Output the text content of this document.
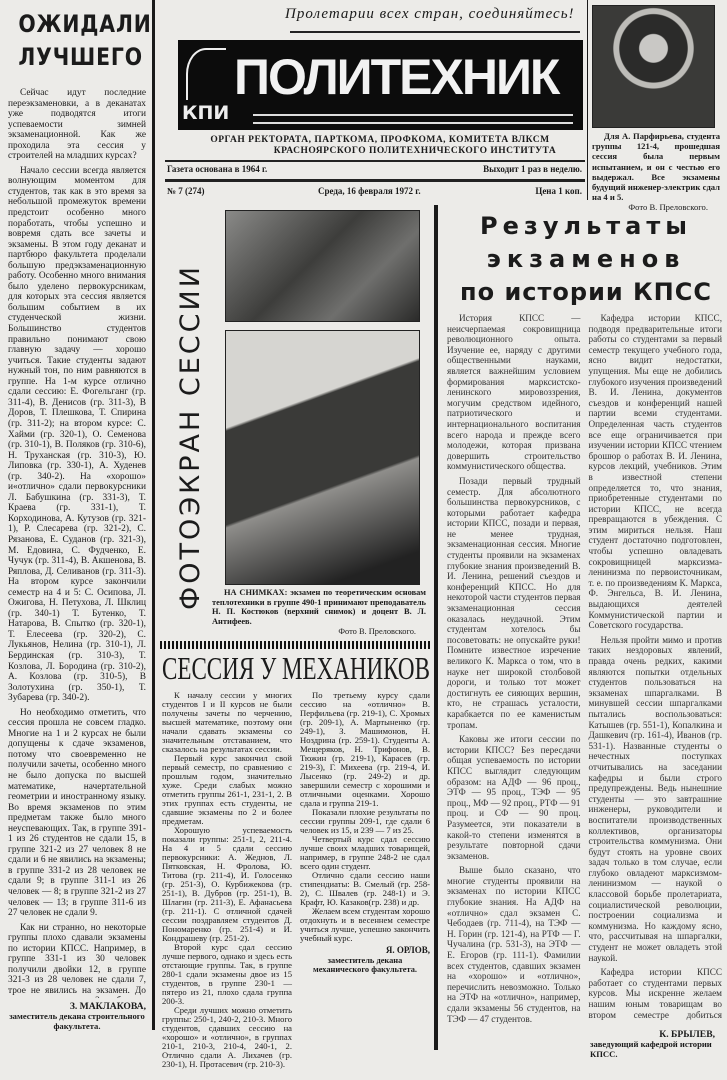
ОЖИДАЛИ
ЛУЧШЕГО

Сейчас идут последние переэкзаменовки, а в деканатах уже подводятся итоги успеваемости зимней экзаменационной. Как же проходила эта сессия у строителей на младших курсах?

Начало сессии всегда является волнующим моментом для студентов, так как в это время за небольшой промежуток времени предстоит особенно много поработать, чтобы успешно и вовремя сдать все зачеты и экзамены. В этом году деканат и партбюро факультета проделали большую предэкзаменационную работу. Особенно много внимания было уделено первокурсникам, для которых эта сессия является большим событием в их студенческой жизни. Большинство студентов правильно понимают свою главную задачу — хорошо учиться. Такие студенты задают нужный тон, по ним равняются в группе. На 1-м курсе отлично сдали сессию: Е. Фогельганг (гр. 311-4), В. Денисов (гр. 311-3), В Доров, Т. Плешкова, Т. Спирина (гр. 311-2); на втором курсе: С. Хайми (гр. 320-1), О. Семенова (гр. 310-1), В. Поляков (гр. 310-6), Н. Труханская (гр. 310-3), Ю. Липовка (гр. 330-1), А. Худенев (гр. 340-2). На «хорошо» и«отлично» сдали первокурсники Л. Бабушкина (гр. 331-3), Т. Краева (гр. 331-1), Т. Корходинова, А. Кутузов (гр. 321-1), Р. Слесарева (гр. 321-2), С. Рязанова, Е. Суданов (гр. 321-3), М. Едовина, С. Фудченко, Е. Чучук (гр. 311-4), В. Акшенова, В. Ряплова, Д. Селиванов (гр. 311-3). На втором курсе закончили семестр на 4 и 5: С. Осипова, Л. Ожигова, Н. Петухова, Л. Шклиц (гр. 340-1) Т. Бутенко, Т. Натарова, В. Спытко (гр. 320-1), Т. Елесеева (гр. 320-2), С. Лукьянов, Нелина (гр. 310-1), Л. Бердинская (гр. 310-3), Т. Козлова, Л. Бородина (гр. 310-2), А. Козлова (гр. 310-5), В Золотухина (гр. 350-1), Т. Зубарева (гр. 340-2).

Но необходимо отметить, что сессия прошла не совсем гладко. Многие на 1 и 2 курсах не были допущены к сдаче экзаменов, потому что своевременно не получили зачеты, особенно много не было допуска по высшей математике, начертательной геометрии и иностранному языку. Во время экзаменов по этим предметам также было много неуспевающих. Так, в группе 391-1 из 26 студентов не сдали 15, в группе 321-2 из 27 человек 8 не сдали и 6 не явились на экзамены; в группе 331-2 из 28 человек не сдали 9; в группе 311-1 из 26 человек — 8; в группе 321-2 из 27 человек — 13; в группе 311-6 из 27 человек не сдали 9.

Как ни странно, но некоторые группы плохо сдавали экзамены по истории КПСС. Например, в группе 331-1 из 30 человек получили двойки 12, в группе 321-3 из 28 человек не сдали 7, трое не явились на экзамен. До

З. МАКЛАКОВА,
заместитель декана строительного факультета.
Пролетарии всех стран, соединяйтесь!
КПИ
ПОЛИТЕХНИК
ОРГАН РЕКТОРАТА, ПАРТКОМА, ПРОФКОМА, КОМИТЕТА ВЛКСМ
КРАСНОЯРСКОГО ПОЛИТЕХНИЧЕСКОГО ИНСТИТУТА
Газета основана в 1964 г.	Выходит 1 раз в неделю.
№ 7 (274)	Среда, 16 февраля 1972 г.	Цена 1 коп.
Для А. Парфирьева, студента группы 121-4, прошедшая сессия была первым испытанием, и он с честью его выдержал. Все экзамены будущий инженер-электрик сдал на 4 и 5.
Фото В. Преловского.
ФОТОЭКРАН СЕССИИ	НА СНИМКАХ: экзамен по теоретическим основам теплотехники в группе 490-1 принимают преподаватель Н. П. Костюков (верхний снимок) и доцент В. Л. Антифеев.
Фото В. Преловского.
СЕССИЯ У МЕХАНИКОВ

К началу сессии у многих студентов I и II курсов не были получены зачеты по черчению, высшей математике, поэтому они начали сдавать экзамены со значительным отставанием, что сказалось на результатах сессии.

Первый курс закончил свой первый семестр, по сравнению с прошлым годом, значительно хуже. Среди слабых можно отметить группы 261-1, 231-1, 2. В этих группах есть студенты, не сдавшие экзамены по 2 и более предметам.

Хорошую успеваемость показали группы: 251-1, 2, 211-4. На 4 и 5 сдали сессию первокурсники: А. Жеднов, Л. Пятковская, Н. Фролова, Ю. Титова (гр. 211-4), И. Голосенко (гр. 251-3), О. Курбижекова (гр. 251-1), В. Дубров (гр. 251-1), В. Шлагин (гр. 211-3), Е. Афанасьева (гр. 211-1). С отличной сдачей сессии поздравляем студентов Д. Пономаренко (гр. 251-4) и И. Кондрашеву (гр. 251-2).

Второй курс сдал сессию лучше первого, однако и здесь есть отстающие группы. Так, в группе 280-1 сдали экзамены двое из 15 студентов, в группе 230-1 — пятеро из 21, плохо сдала группа 200-3.

Среди лучших можно отметить группы: 250-1, 240-2, 210-3. Много студентов, сдавших сессию на «хорошо» и «отлично», в группах 210-1, 210-3, 210-4, 240-1, 2. Отлично сдали А. Лихачев (гр. 230-1), Н. Протасевич (гр. 210-3).

По третьему курсу сдали сессию на «отлично» В. Перфильева (гр. 219-1), С. Хромых (гр. 209-1), А. Мартыненко (гр. 249-1), З. Машимонов, Н. Ноздрина (гр. 259-1). Студенты А. Мещеряков, Н. Трифонов, В. Тюжин (гр. 219-1), Карасев (гр. 219-3), Г. Михеева (гр. 219-4, И. Лысенко (гр. 249-2) и др. завершили семестр с хорошими и отличными оценками. Хорошо сдала и группа 219-1.

Показали плохие результаты по сессии группы 209-1, где сдали 6 человек из 15, и 239 — 7 из 25.

Четвертый курс сдал сессию лучше своих младших товарищей, например, в группе 248-2 не сдал всего один студент.

Отлично сдали сессию наши стипендиаты: В. Смелый (гр. 258-2), С. Швалев (гр. 248-1) и Э. Крафт, Ю. Казаков(гр. 238) и др.

Желаем всем студентам хорошо отдохнуть и в весеннем семестре учиться лучше, успешно закончить учебный курс.

Я. ОРЛОВ,
заместитель декана механического факультета.
Результаты
экзаменов
по истории КПСС

История КПСС — неисчерпаемая сокровищница революционного опыта. Изучение ее, наряду с другими общественными науками, является важнейшим условием формирования марксистско-ленинского мировоззрения, могучим средством идейного, патриотического и интернационального воспитания всего народа и прежде всего молодежи, которая призвана довершить строительство коммунистического общества.

Позади первый трудный семестр. Для абсолютного большинства первокурсников, с которыми работает кафедра истории КПСС, позади и первая, не менее трудная, экзаменационная сессия. Многие студенты проявили на экзаменах глубокие знания произведений В. И. Ленина, решений съездов и конференций КПСС. Но для некоторой части студентов первая экзаменационная сессия оказалась неудачной. Этим студентам хотелось бы посоветовать: не опускайте руки! Помните известное изречение великого К. Маркса о том, что в науке нет широкой столбовой дороги, и только тот может достигнуть ее сияющих вершин, кто, не страшась усталости, карабкается по ее каменистым тропам.

Каковы же итоги сессии по истории КПСС? Без пересдачи общая успеваемость по истории КПСС выглядит следующим образом: на АДФ — 96 проц., ЭТФ — 95 проц., ТЭФ — 95 проц., МФ — 92 проц., РТФ — 91 проц. и СФ — 90 проц. Разумеется, эти показатели в какой-то степени изменятся в результате повторной сдачи экзаменов.

Выше было сказано, что многие студенты проявили на экзаменах по истории КПСС глубокие знания. На АДФ на «отлично» сдал экзамен С. Чебодаев (гр. 711-4), на ТЭФ — Н. Горин (гр. 121-4), на РТФ — Г. Чучалина (гр. 531-3), на ЭТФ — Е. Егоров (гр. 111-1). Фамилии всех студентов, сдавших экзамен на «хорошо» и «отлично», перечислить невозможно. Только на ЭТФ на «отлично», например, сдали экзамены 56 студентов, на ТЭФ — 47 студентов.

Кафедра истории КПСС, подводя предварительные итоги работы со студентами за первый семестр текущего учебного года, ясно видит недостатки, упущения. Мы еще не добились глубокого изучения произведений В. И. Ленина, документов съездов и конференций нашей партии всеми студентами. Определенная часть студентов все еще ограничивается при изучении истории КПСС чтением брошюр о работах В. И. Ленина, курсов лекций, учебников. Этим в известной степени определяется то, что знания, приобретенные студентами по истории КПСС, не всегда превращаются в убеждения. С этим мириться нельзя. Наш студент достаточно подготовлен, чтобы успешно овладевать сокровищницей марксизма-ленинизма по первоисточникам, т. е. по произведениям К. Маркса, Ф. Энгельса, В. И. Ленина, выдающихся деятелей Коммунистической партии и Советского государства.

Нельзя пройти мимо и против таких нездоровых явлений, правда очень редких, какими являются попытки отдельных студентов пользоваться на экзаменах шпаргалками. В минувшей сессии шпаргалками пытались воспользоваться: Катышев (гр. 551-1), Копалкина и Дашкевич (гр. 161-4), Иванов (гр. 531-1). Названные студенты о нечестных поступках отчитывались на заседании кафедры и были строго предупреждены. Ведь нынешние студенты — это завтрашние инженеры, руководители и воспитатели производственных коллективов, организаторы строительства коммунизма. Они будут стоять на уровне своих задач только в том случае, если глубоко овладеют марксизмом-ленинизмом — наукой о классовой борьбе пролетариата, социалистической революции, построении социализма и коммунизма. Но каждому ясно, что, рассчитывая на шпаргалки, студент не может овладеть этой наукой.

Кафедра истории КПСС работает со студентами первых курсов. Мы искренне желаем нашим юным товарищам во втором семестре добиться

К. БРЫЛЕВ,
заведующий кафедрой истории КПСС.
